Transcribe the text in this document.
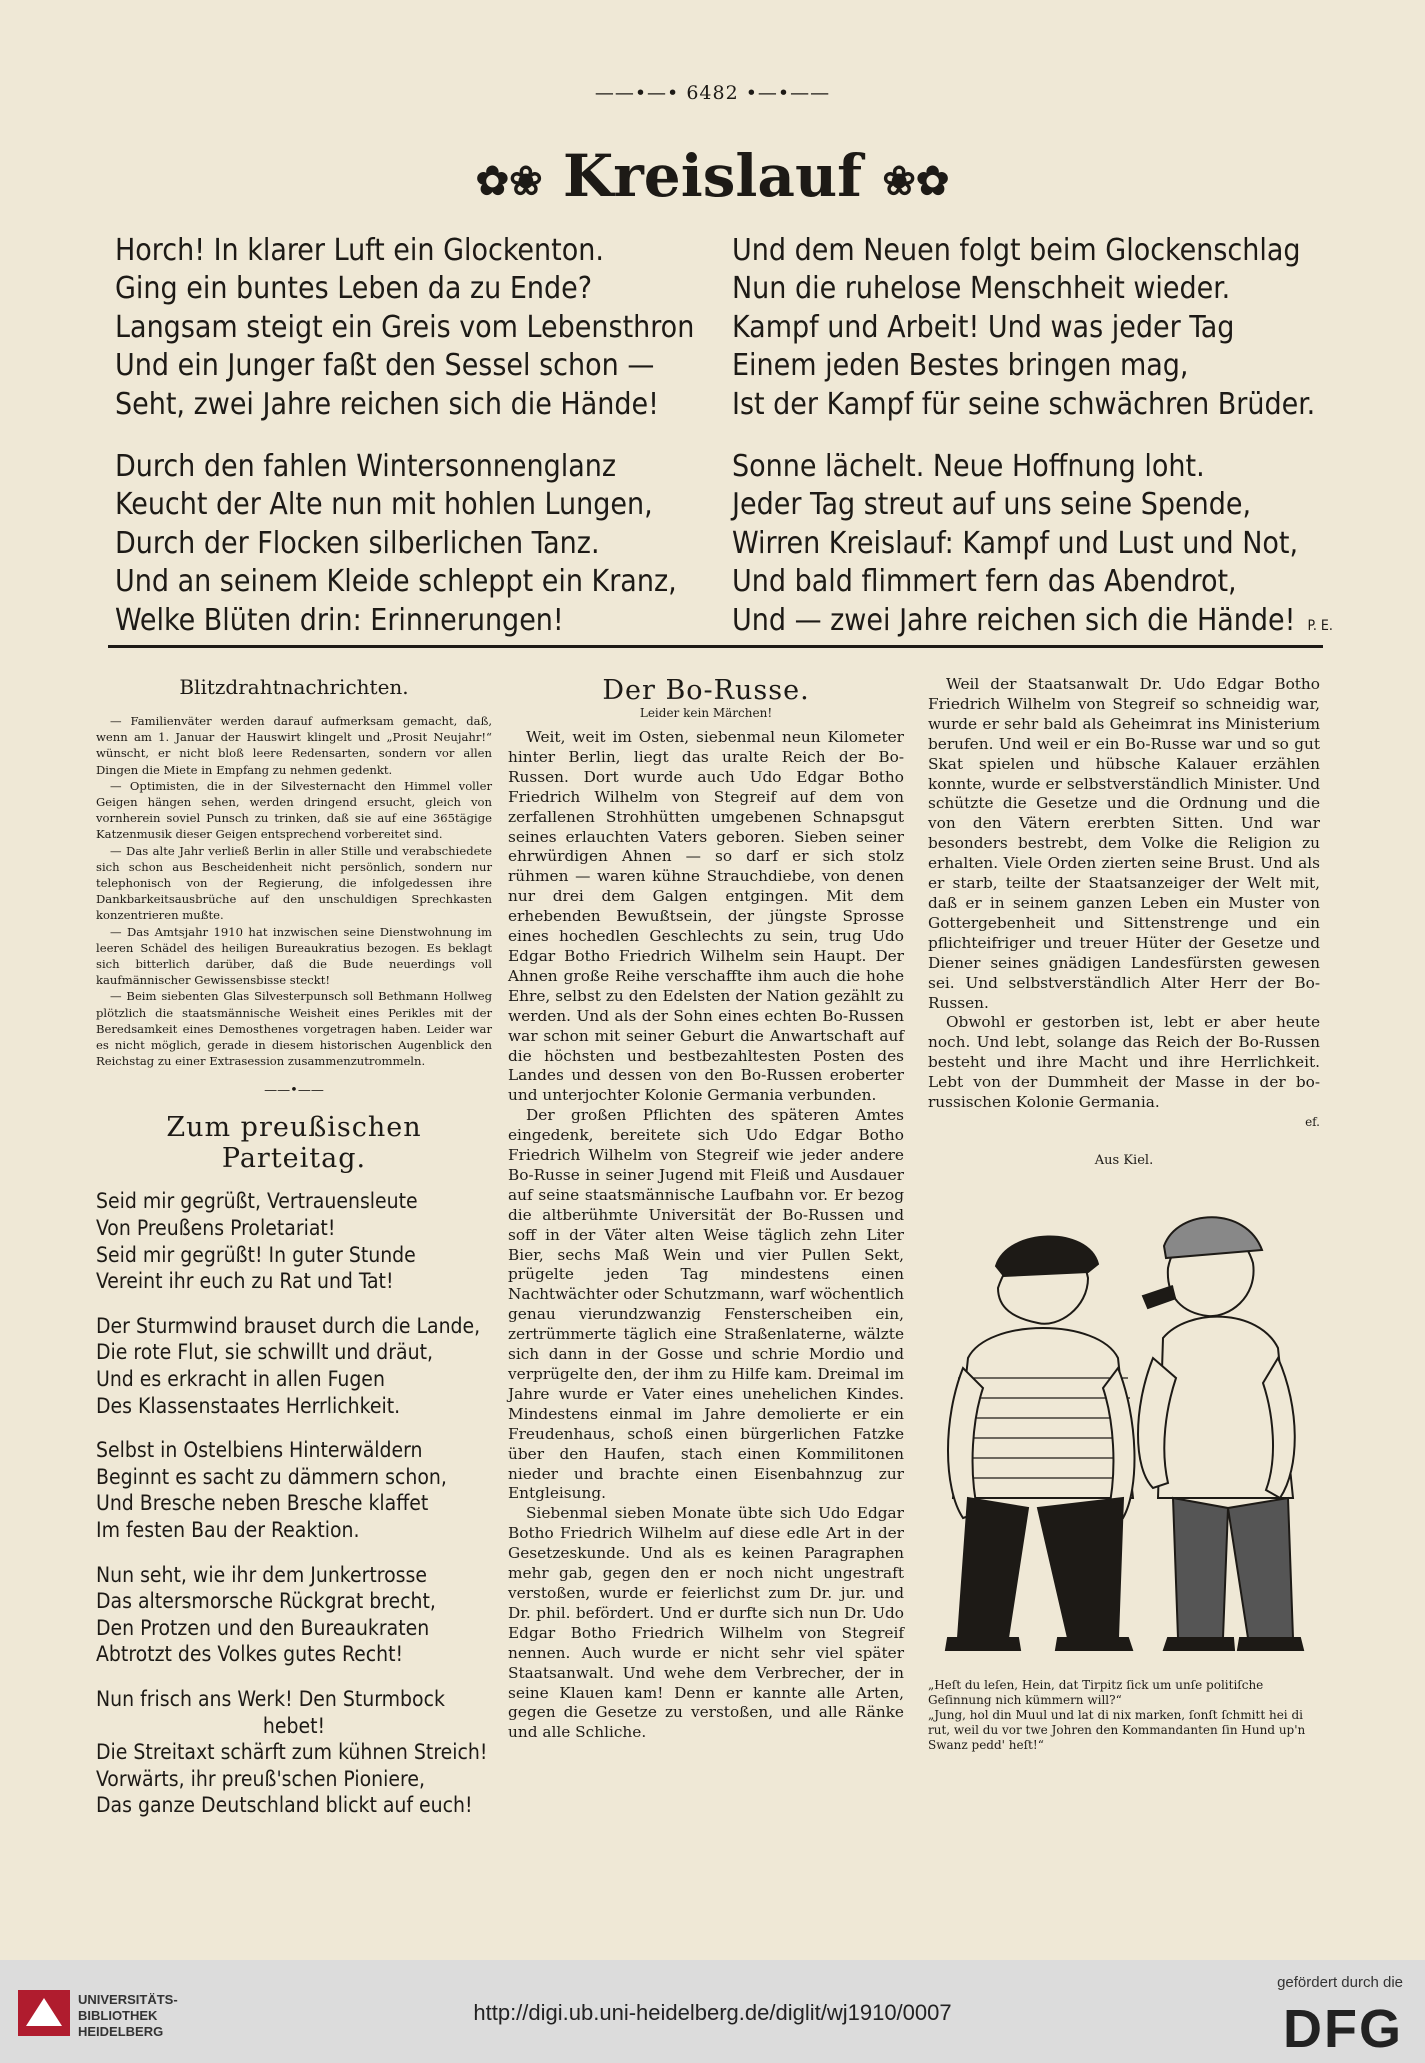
——•—• 6482 •—•——
✿❀ Kreislauf ❀✿
Horch! In klarer Luft ein Glockenton.
Ging ein buntes Leben da zu Ende?
Langsam steigt ein Greis vom Lebensthron
Und ein Junger faßt den Sessel schon —
Seht, zwei Jahre reichen sich die Hände!
Durch den fahlen Wintersonnenglanz
Keucht der Alte nun mit hohlen Lungen,
Durch der Flocken silberlichen Tanz.
Und an seinem Kleide schleppt ein Kranz,
Welke Blüten drin: Erinnerungen!
Und dem Neuen folgt beim Glockenschlag
Nun die ruhelose Menschheit wieder.
Kampf und Arbeit! Und was jeder Tag
Einem jeden Bestes bringen mag,
Ist der Kampf für seine schwächren Brüder.
Sonne lächelt. Neue Hoffnung loht.
Jeder Tag streut auf uns seine Spende,
Wirren Kreislauf: Kampf und Lust und Not,
Und bald flimmert fern das Abendrot,
Und — zwei Jahre reichen sich die Hände! P. E.
Blitzdrahtnachrichten.

— Familienväter werden darauf aufmerksam gemacht, daß, wenn am 1. Januar der Hauswirt klingelt und „Prosit Neujahr!“ wünscht, er nicht bloß leere Redensarten, sondern vor allen Dingen die Miete in Empfang zu nehmen gedenkt.

— Optimisten, die in der Silvesternacht den Himmel voller Geigen hängen sehen, werden dringend ersucht, gleich von vornherein soviel Punsch zu trinken, daß sie auf eine 365tägige Katzenmusik dieser Geigen entsprechend vorbereitet sind.

— Das alte Jahr verließ Berlin in aller Stille und verabschiedete sich schon aus Bescheidenheit nicht persönlich, sondern nur telephonisch von der Regierung, die infolgedessen ihre Dankbarkeitsausbrüche auf den unschuldigen Sprechkasten konzentrieren mußte.

— Das Amtsjahr 1910 hat inzwischen seine Dienstwohnung im leeren Schädel des heiligen Bureaukratius bezogen. Es beklagt sich bitterlich darüber, daß die Bude neuerdings voll kaufmännischer Gewissensbisse steckt!

— Beim siebenten Glas Silvesterpunsch soll Bethmann Hollweg plötzlich die staatsmännische Weisheit eines Perikles mit der Beredsamkeit eines Demosthenes vorgetragen haben. Leider war es nicht möglich, gerade in diesem historischen Augenblick den Reichstag zu einer Extrasession zusammenzutrommeln.

——•——
Zum preußischen Parteitag.
Seid mir gegrüßt, Vertrauensleute
Von Preußens Proletariat!
Seid mir gegrüßt! In guter Stunde
Vereint ihr euch zu Rat und Tat!
Der Sturmwind brauset durch die Lande,
Die rote Flut, sie schwillt und dräut,
Und es erkracht in allen Fugen
Des Klassenstaates Herrlichkeit.
Selbst in Ostelbiens Hinterwäldern
Beginnt es sacht zu dämmern schon,
Und Bresche neben Bresche klaffet
Im festen Bau der Reaktion.
Nun seht, wie ihr dem Junkertrosse
Das altersmorsche Rückgrat brecht,
Den Protzen und den Bureaukraten
Abtrotzt des Volkes gutes Recht!
Nun frisch ans Werk! Den Sturmbock
hebet!
Die Streitaxt schärft zum kühnen Streich!
Vorwärts, ihr preuß'schen Pioniere,
Das ganze Deutschland blickt auf euch!
Der Bo-Russe.
Leider kein Märchen!

Weit, weit im Osten, siebenmal neun Kilometer hinter Berlin, liegt das uralte Reich der Bo-Russen. Dort wurde auch Udo Edgar Botho Friedrich Wilhelm von Stegreif auf dem von zerfallenen Strohhütten umgebenen Schnapsgut seines erlauchten Vaters geboren. Sieben seiner ehrwürdigen Ahnen — so darf er sich stolz rühmen — waren kühne Strauchdiebe, von denen nur drei dem Galgen entgingen. Mit dem erhebenden Bewußtsein, der jüngste Sprosse eines hochedlen Geschlechts zu sein, trug Udo Edgar Botho Friedrich Wilhelm sein Haupt. Der Ahnen große Reihe verschaffte ihm auch die hohe Ehre, selbst zu den Edelsten der Nation gezählt zu werden. Und als der Sohn eines echten Bo-Russen war schon mit seiner Geburt die Anwartschaft auf die höchsten und bestbezahltesten Posten des Landes und dessen von den Bo-Russen eroberter und unterjochter Kolonie Germania verbunden.

Der großen Pflichten des späteren Amtes eingedenk, bereitete sich Udo Edgar Botho Friedrich Wilhelm von Stegreif wie jeder andere Bo-Russe in seiner Jugend mit Fleiß und Ausdauer auf seine staatsmännische Laufbahn vor. Er bezog die altberühmte Universität der Bo-Russen und soff in der Väter alten Weise täglich zehn Liter Bier, sechs Maß Wein und vier Pullen Sekt, prügelte jeden Tag mindestens einen Nachtwächter oder Schutzmann, warf wöchentlich genau vierundzwanzig Fensterscheiben ein, zertrümmerte täglich eine Straßenlaterne, wälzte sich dann in der Gosse und schrie Mordio und verprügelte den, der ihm zu Hilfe kam. Dreimal im Jahre wurde er Vater eines unehelichen Kindes. Mindestens einmal im Jahre demolierte er ein Freudenhaus, schoß einen bürgerlichen Fatzke über den Haufen, stach einen Kommilitonen nieder und brachte einen Eisenbahnzug zur Entgleisung.

Siebenmal sieben Monate übte sich Udo Edgar Botho Friedrich Wilhelm auf diese edle Art in der Gesetzeskunde. Und als es keinen Paragraphen mehr gab, gegen den er noch nicht ungestraft verstoßen, wurde er feierlichst zum Dr. jur. und Dr. phil. befördert. Und er durfte sich nun Dr. Udo Edgar Botho Friedrich Wilhelm von Stegreif nennen. Auch wurde er nicht sehr viel später Staatsanwalt. Und wehe dem Verbrecher, der in seine Klauen kam! Denn er kannte alle Arten, gegen die Gesetze zu verstoßen, und alle Ränke und alle Schliche.

Weil der Staatsanwalt Dr. Udo Edgar Botho Friedrich Wilhelm von Stegreif so schneidig war, wurde er sehr bald als Geheimrat ins Ministerium berufen. Und weil er ein Bo-Russe war und so gut Skat spielen und hübsche Kalauer erzählen konnte, wurde er selbstverständlich Minister. Und schützte die Gesetze und die Ordnung und die von den Vätern ererbten Sitten. Und war besonders bestrebt, dem Volke die Religion zu erhalten. Viele Orden zierten seine Brust. Und als er starb, teilte der Staatsanzeiger der Welt mit, daß er in seinem ganzen Leben ein Muster von Gottergebenheit und Sittenstrenge und ein pflichteifriger und treuer Hüter der Gesetze und Diener seines gnädigen Landesfürsten gewesen sei. Und selbstverständlich Alter Herr der Bo-Russen.

Obwohl er gestorben ist, lebt er aber heute noch. Und lebt, solange das Reich der Bo-Russen besteht und ihre Macht und ihre Herrlichkeit. Lebt von der Dummheit der Masse in der bo-russischen Kolonie Germania.

ef.
Aus Kiel.
„Heſt du leſen, Hein, dat Tirpitz ſick um unſe politiſche Geſinnung nich kümmern will?“
„Jung, hol din Muul und lat di nix marken, ſonſt ſchmitt hei di rut, weil du vor twe Johren den Kommandanten ſin Hund up'n Swanz pedd' heſt!“
UNIVERSITÄTS-
BIBLIOTHEK
HEIDELBERG
http://digi.ub.uni-heidelberg.de/diglit/wj1910/0007
gefördert durch die
DFG
